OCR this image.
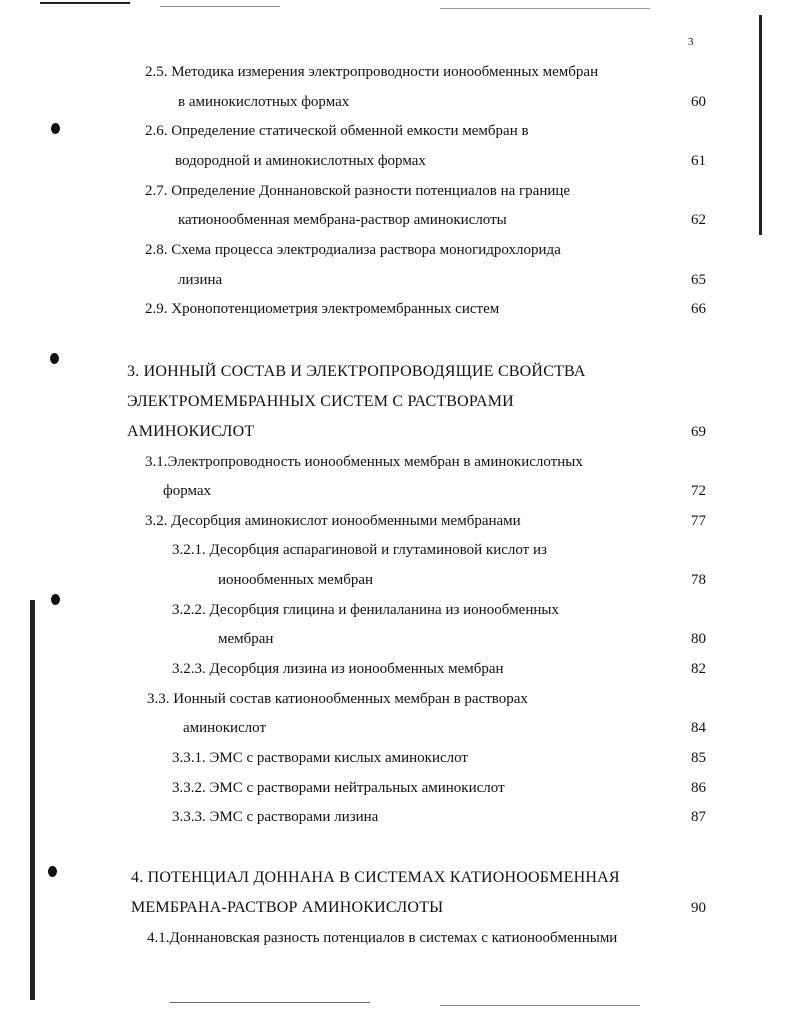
3
2.5. Методика измерения электропроводности ионообменных мембран
в аминокислотных формах	60
2.6. Определение статической обменной емкости мембран в
водородной и аминокислотных формах	61
2.7. Определение Доннановской разности потенциалов на границе
катионообменная мембрана-раствор аминокислоты	62
2.8. Схема процесса электродиализа раствора моногидрохлорида
лизина	65
2.9. Хронопотенциометрия электромембранных систем	66
3. ИОННЫЙ СОСТАВ И ЭЛЕКТРОПРОВОДЯЩИЕ СВОЙСТВА
ЭЛЕКТРОМЕМБРАННЫХ СИСТЕМ С РАСТВОРАМИ
АМИНОКИСЛОТ	69
3.1.Электропроводность ионообменных мембран в аминокислотных
формах	72
3.2. Десорбция аминокислот ионообменными мембранами	77
3.2.1. Десорбция аспарагиновой и глутаминовой кислот из
ионообменных мембран	78
3.2.2. Десорбция глицина и фенилаланина из ионообменных
мембран	80
3.2.3. Десорбция лизина из ионообменных мембран	82
3.3. Ионный состав катионообменных мембран в растворах
аминокислот	84
3.3.1. ЭМС с растворами кислых аминокислот	85
3.3.2. ЭМС с растворами нейтральных аминокислот	86
3.3.3. ЭМС с растворами лизина	87
4. ПОТЕНЦИАЛ ДОННАНА В СИСТЕМАХ КАТИОНООБМЕННАЯ
МЕМБРАНА-РАСТВОР АМИНОКИСЛОТЫ	90
4.1.Доннановская разность потенциалов в системах с катионообменными
